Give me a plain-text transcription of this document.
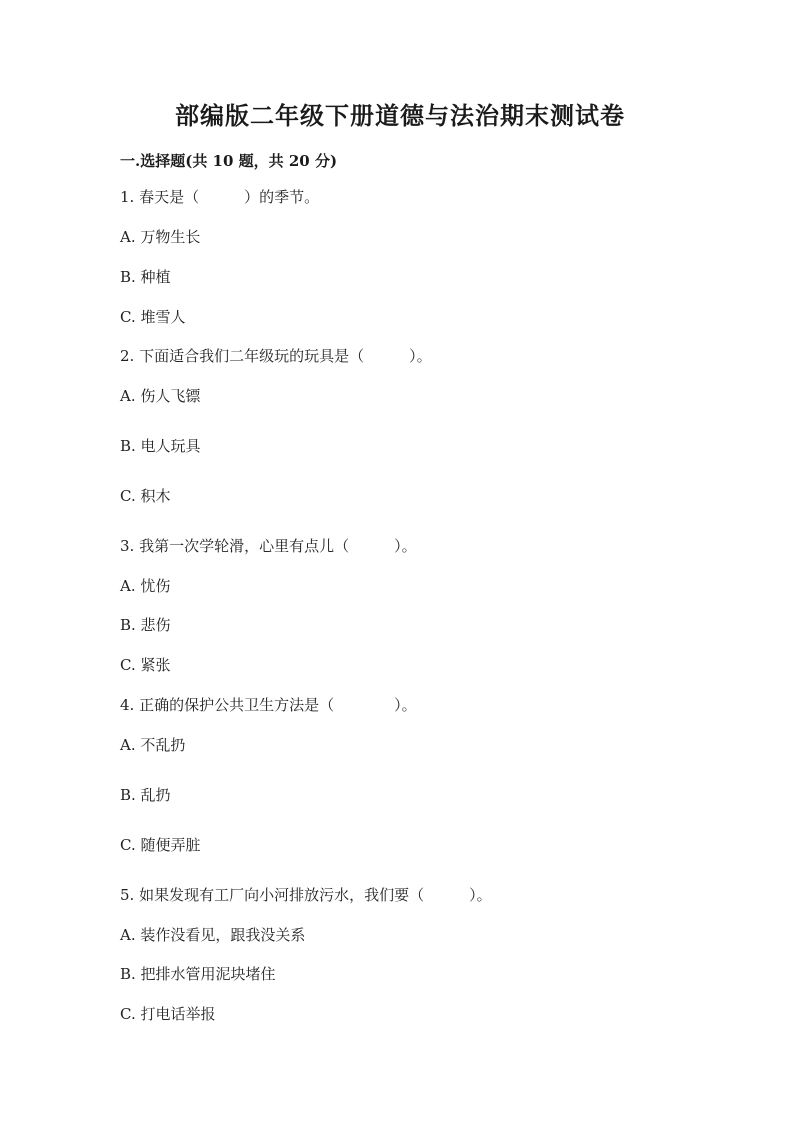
部编版二年级下册道德与法治期末测试卷
一.选择题(共 10 题，共 20 分)
1. 春天是（　　　）的季节。
A. 万物生长
B. 种植
C. 堆雪人
2. 下面适合我们二年级玩的玩具是（　　　）。
A. 伤人飞镖
B. 电人玩具
C. 积木
3. 我第一次学轮滑，心里有点儿（　　　）。
A. 忧伤
B. 悲伤
C. 紧张
4. 正确的保护公共卫生方法是（　　　　）。
A. 不乱扔
B. 乱扔
C. 随便弄脏
5. 如果发现有工厂向小河排放污水，我们要（　　　）。
A. 装作没看见，跟我没关系
B. 把排水管用泥块堵住
C. 打电话举报
